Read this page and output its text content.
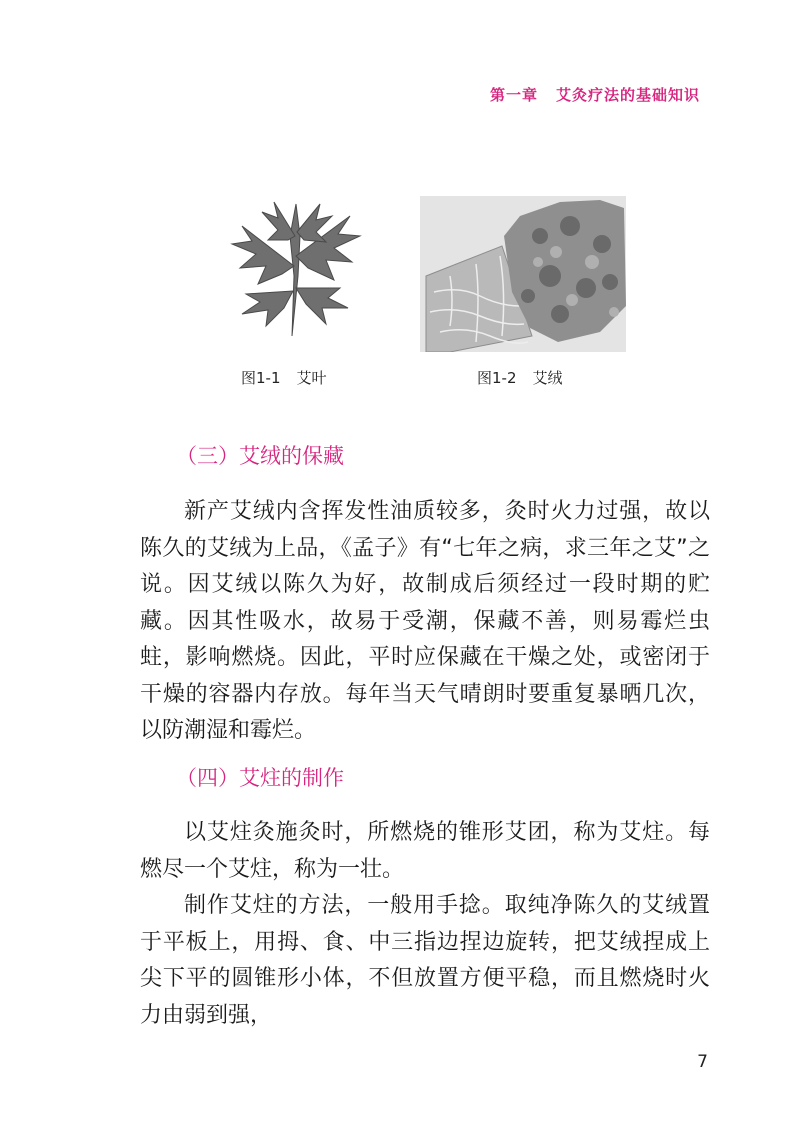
第一章 艾灸疗法的基础知识
图1-1 艾叶	图1-2 艾绒
（三）艾绒的保藏

新产艾绒内含挥发性油质较多，灸时火力过强，故以陈久的艾绒为上品，《孟子》有“七年之病，求三年之艾”之说。因艾绒以陈久为好，故制成后须经过一段时期的贮藏。因其性吸水，故易于受潮，保藏不善，则易霉烂虫蛀，影响燃烧。因此，平时应保藏在干燥之处，或密闭于干燥的容器内存放。每年当天气晴朗时要重复暴晒几次，以防潮湿和霉烂。

（四）艾炷的制作

以艾炷灸施灸时，所燃烧的锥形艾团，称为艾炷。每燃尽一个艾炷，称为一壮。

制作艾炷的方法，一般用手捻。取纯净陈久的艾绒置于平板上，用拇、食、中三指边捏边旋转，把艾绒捏成上尖下平的圆锥形小体，不但放置方便平稳，而且燃烧时火力由弱到强，

7
